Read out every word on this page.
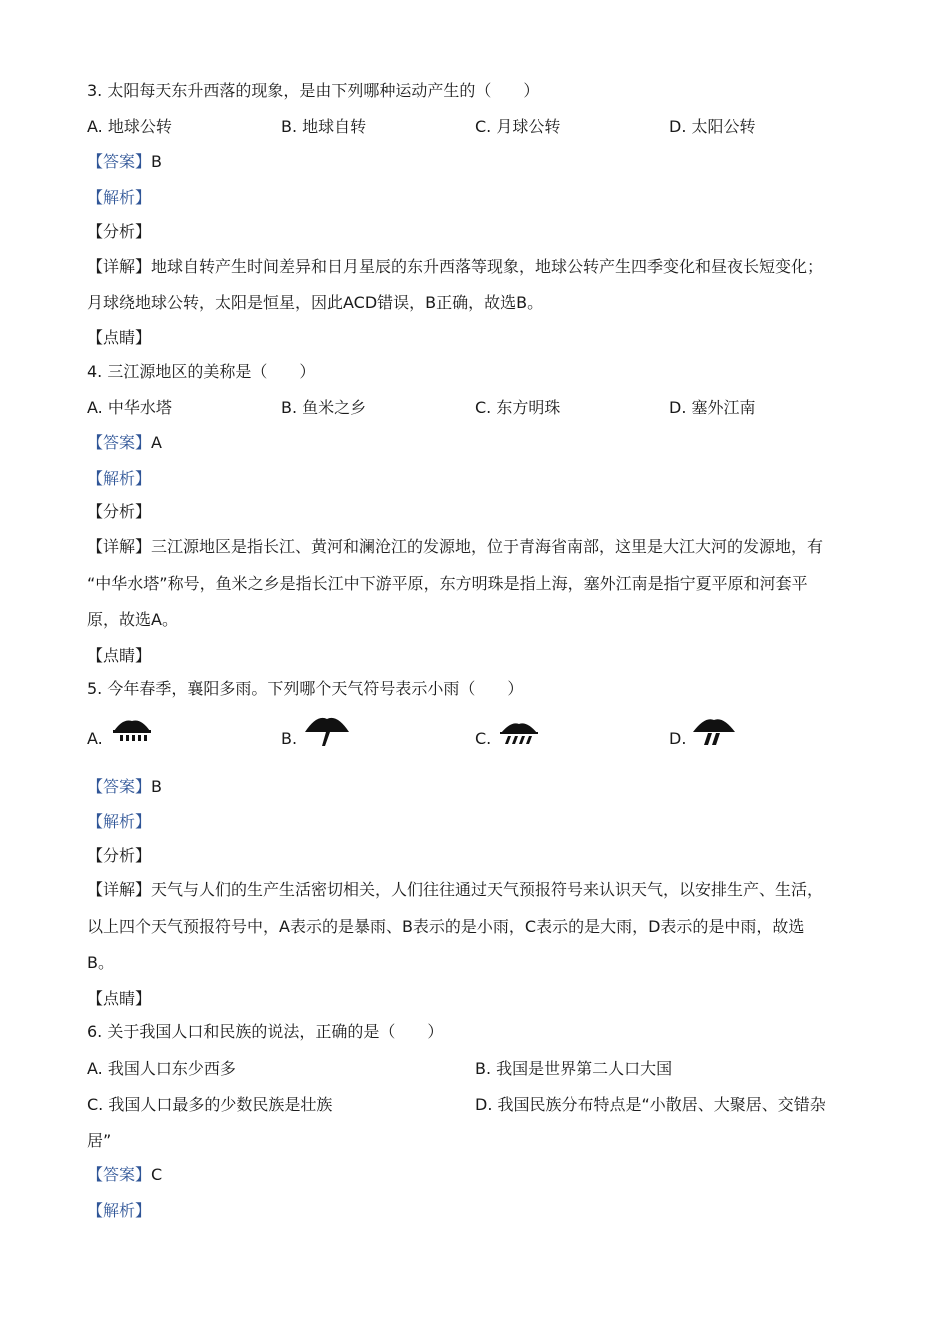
3. 太阳每天东升西落的现象，是由下列哪种运动产生的（　　）
A. 地球公转	B. 地球自转	C. 月球公转	D. 太阳公转
【答案】B
【解析】
【分析】
【详解】地球自转产生时间差异和日月星辰的东升西落等现象，地球公转产生四季变化和昼夜长短变化；
月球绕地球公转，太阳是恒星，因此ACD错误，B正确，故选B。
【点睛】
4. 三江源地区的美称是（　　）
A. 中华水塔	B. 鱼米之乡	C. 东方明珠	D. 塞外江南
【答案】A
【解析】
【分析】
【详解】三江源地区是指长江、黄河和澜沧江的发源地，位于青海省南部，这里是大江大河的发源地，有
“中华水塔”称号，鱼米之乡是指长江中下游平原，东方明珠是指上海，塞外江南是指宁夏平原和河套平
原，故选A。
【点睛】
5. 今年春季，襄阳多雨。下列哪个天气符号表示小雨（　　）
A.	B.	C.	D.
【答案】B
【解析】
【分析】
【详解】天气与人们的生产生活密切相关，人们往往通过天气预报符号来认识天气，以安排生产、生活，
以上四个天气预报符号中，A表示的是暴雨、B表示的是小雨，C表示的是大雨，D表示的是中雨，故选
B。
【点睛】
6. 关于我国人口和民族的说法，正确的是（　　）
A. 我国人口东少西多	B. 我国是世界第二人口大国
C. 我国人口最多的少数民族是壮族	D. 我国民族分布特点是“小散居、大聚居、交错杂
居”
【答案】C
【解析】
